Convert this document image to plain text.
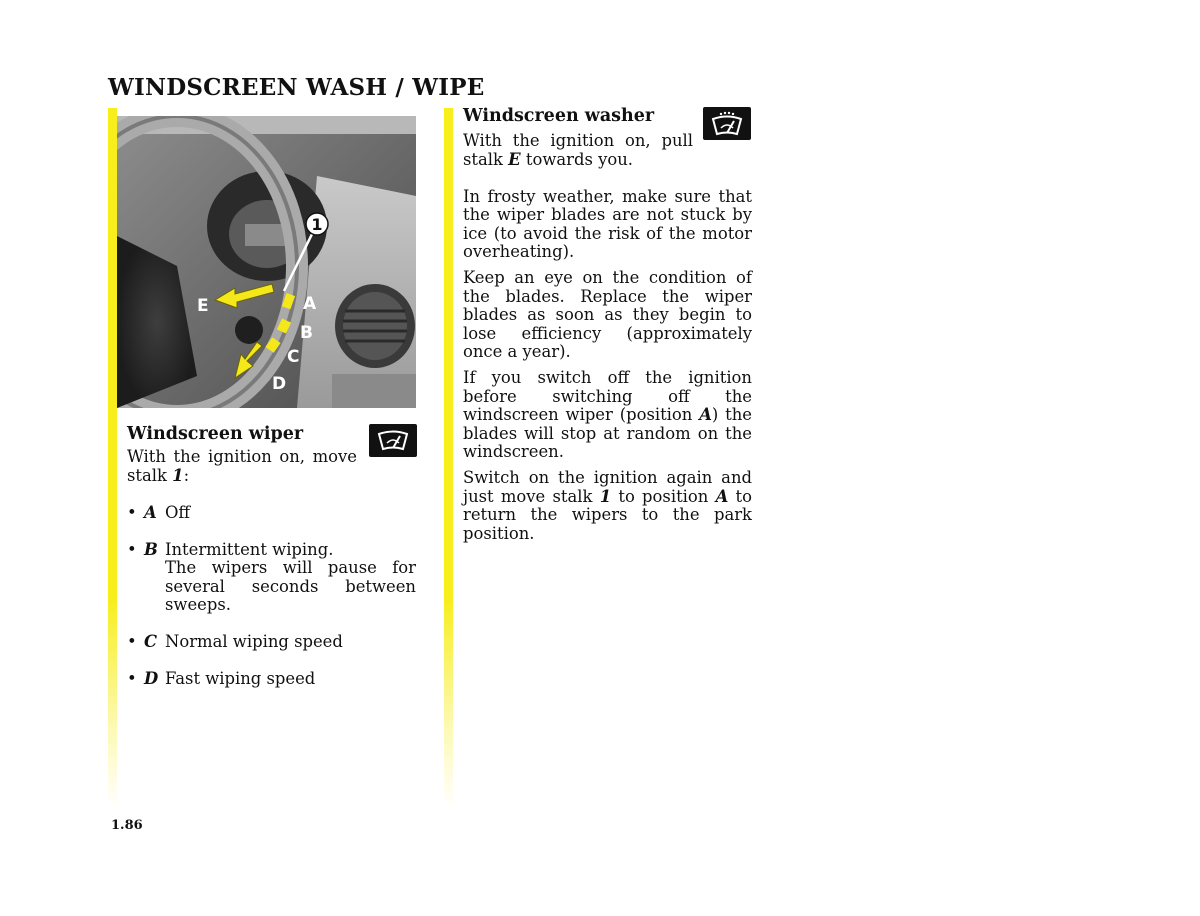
WINDSCREEN WASH / WIPE
1
E	A
B
C
D
Windscreen wiper

With the ignition on, move stalk 1:

• A Off
• B Intermittent wiping.
The wipers will pause for several seconds between sweeps.
• C Normal wiping speed
• D Fast wiping speed
Windscreen washer

With the ignition on, pull stalk E towards you.

In frosty weather, make sure that the wiper blades are not stuck by ice (to avoid the risk of the motor overheating).

Keep an eye on the condition of the blades. Replace the wiper blades as soon as they begin to lose efficiency (approximately once a year).

If you switch off the ignition before switching off the windscreen wiper (position A) the blades will stop at random on the windscreen.

Switch on the ignition again and just move stalk 1 to position A to return the wipers to the park position.

1.86
